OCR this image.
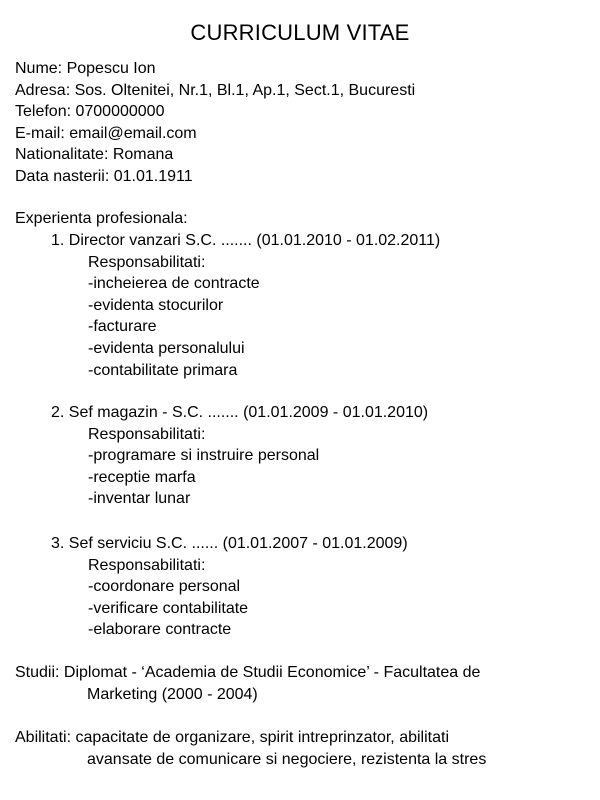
CURRICULUM VITAE
Nume: Popescu Ion
Adresa: Sos. Oltenitei, Nr.1, Bl.1, Ap.1, Sect.1, Bucuresti
Telefon: 0700000000
E-mail: email@email.com
Nationalitate: Romana
Data nasterii: 01.01.1911
Experienta profesionala:
1. Director vanzari S.C. ....... (01.01.2010 - 01.02.2011)
Responsabilitati:
-incheierea de contracte
-evidenta stocurilor
-facturare
-evidenta personalului
-contabilitate primara
2. Sef magazin - S.C. ....... (01.01.2009 - 01.01.2010)
Responsabilitati:
-programare si instruire personal
-receptie marfa
-inventar lunar
3. Sef serviciu S.C. ...... (01.01.2007 - 01.01.2009)
Responsabilitati:
-coordonare personal
-verificare contabilitate
-elaborare contracte
Studii: Diplomat - ‘Academia de Studii Economice’ - Facultatea de
Marketing (2000 - 2004)
Abilitati: capacitate de organizare, spirit intreprinzator, abilitati
avansate de comunicare si negociere, rezistenta la stres
